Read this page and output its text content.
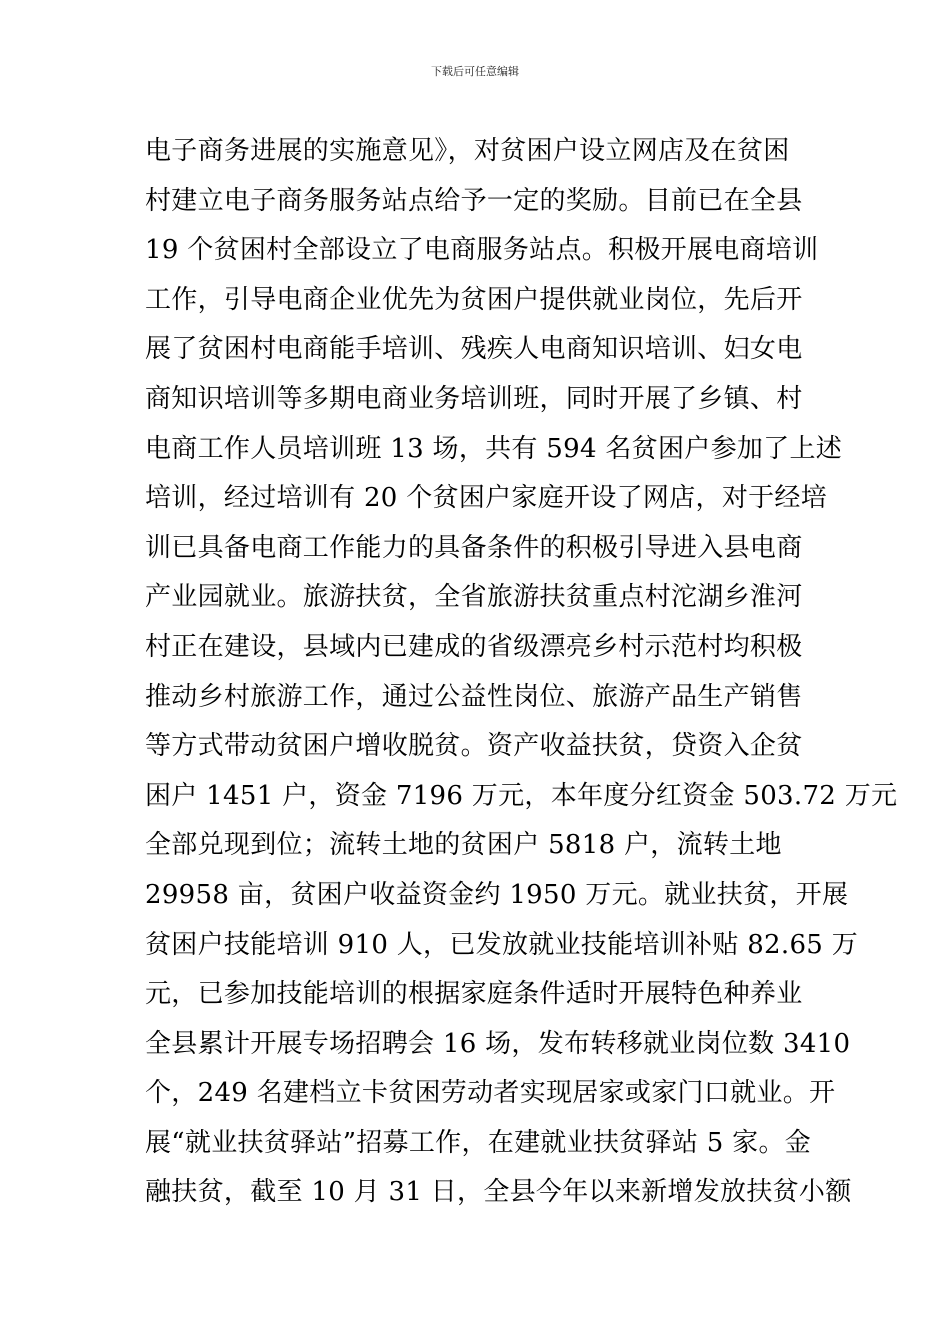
下载后可任意编辑
电子商务进展的实施意见》，对贫困户设立网店及在贫困
村建立电子商务服务站点给予一定的奖励。目前已在全县
19 个贫困村全部设立了电商服务站点。积极开展电商培训
工作，引导电商企业优先为贫困户提供就业岗位，先后开
展了贫困村电商能手培训、残疾人电商知识培训、妇女电
商知识培训等多期电商业务培训班，同时开展了乡镇、村
电商工作人员培训班 13 场，共有 594 名贫困户参加了上述
培训，经过培训有 20 个贫困户家庭开设了网店，对于经培
训已具备电商工作能力的具备条件的积极引导进入县电商
产业园就业。旅游扶贫，全省旅游扶贫重点村沱湖乡淮河
村正在建设，县域内已建成的省级漂亮乡村示范村均积极
推动乡村旅游工作，通过公益性岗位、旅游产品生产销售
等方式带动贫困户增收脱贫。资产收益扶贫，贷资入企贫
困户 1451 户，资金 7196 万元，本年度分红资金 503.72 万元
全部兑现到位；流转土地的贫困户 5818 户，流转土地
29958 亩，贫困户收益资金约 1950 万元。就业扶贫，开展
贫困户技能培训 910 人，已发放就业技能培训补贴 82.65 万
元，已参加技能培训的根据家庭条件适时开展特色种养业
全县累计开展专场招聘会 16 场，发布转移就业岗位数 3410
个，249 名建档立卡贫困劳动者实现居家或家门口就业。开
展“就业扶贫驿站”招募工作，在建就业扶贫驿站 5 家。金
融扶贫，截至 10 月 31 日，全县今年以来新增发放扶贫小额
